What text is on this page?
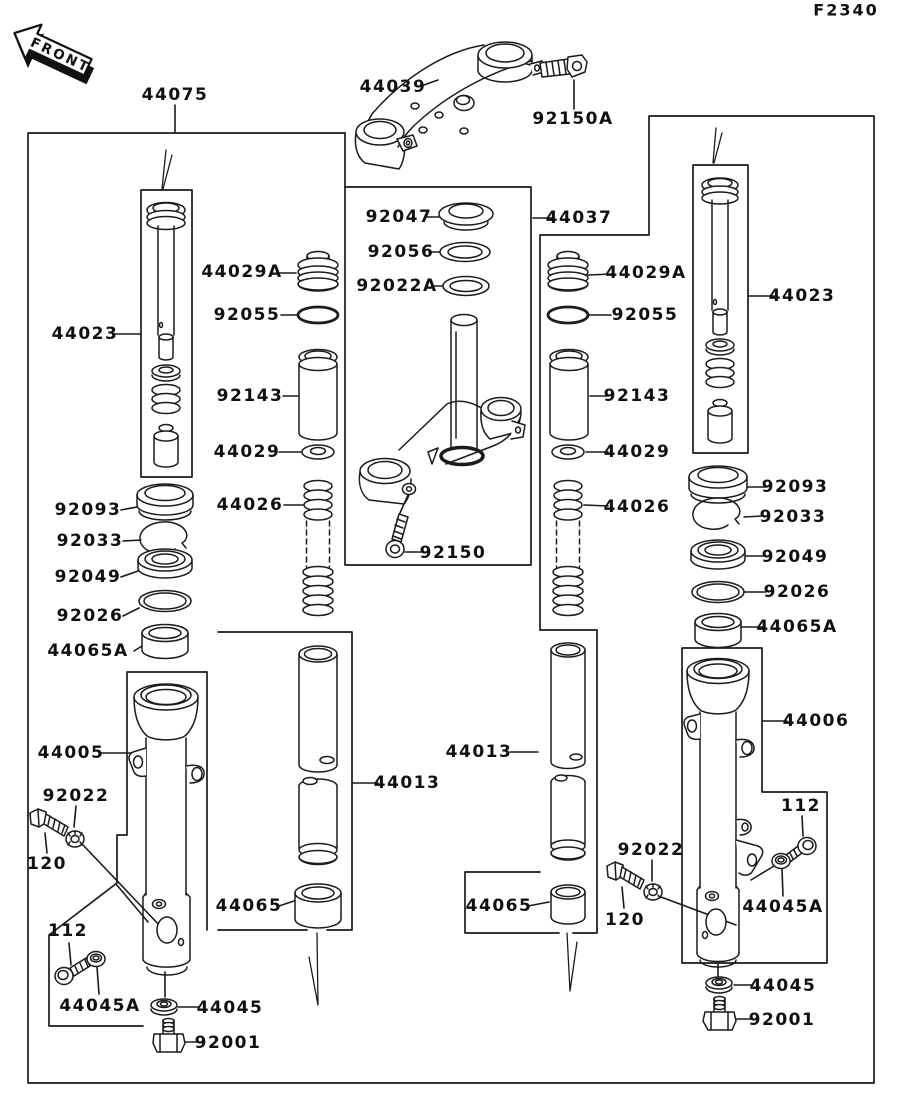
FRONT
F2340
44075	44039
92150A
92047	44037
92056
92022A
44029A
92055
92143
44029
44026
92150
44023
92093
92033
92049
92026
44065A
44005
92022
120
112
44045A	44045
92001
44065
44013
44013
44065
44029A
92055
92143
44029
44026
44023
92093
92033
92049
92026
44065A
44006
112
92022
120
44045A
44045
92001
